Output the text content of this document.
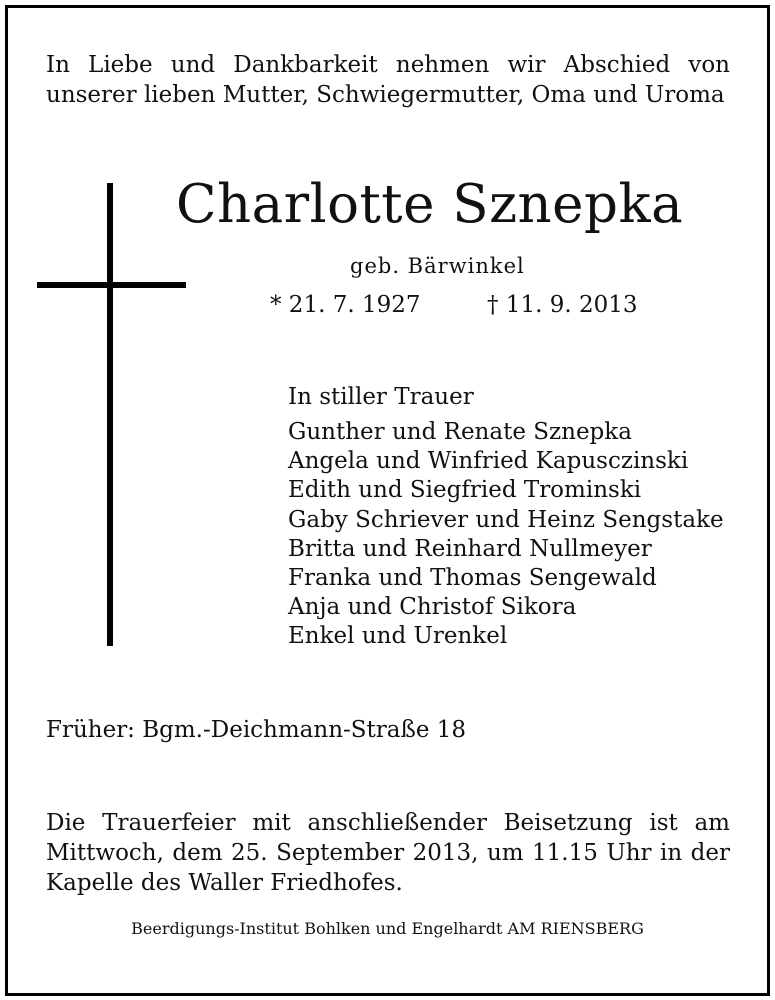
In Liebe und Dankbarkeit nehmen wir Abschied von
unserer lieben Mutter, Schwiegermutter, Oma und Uroma
Charlotte Sznepka
geb. Bärwinkel
* 21. 7. 1927	† 11. 9. 2013
In stiller Trauer
Gunther und Renate Sznepka
Angela und Winfried Kapusczinski
Edith und Siegfried Trominski
Gaby Schriever und Heinz Sengstake
Britta und Reinhard Nullmeyer
Franka und Thomas Sengewald
Anja und Christof Sikora
Enkel und Urenkel
Früher: Bgm.-Deichmann-Straße 18
Die Trauerfeier mit anschließender Beisetzung ist am
Mittwoch, dem 25. September 2013, um 11.15 Uhr in der
Kapelle des Waller Friedhofes.
Beerdigungs-Institut Bohlken und Engelhardt AM RIENSBERG
